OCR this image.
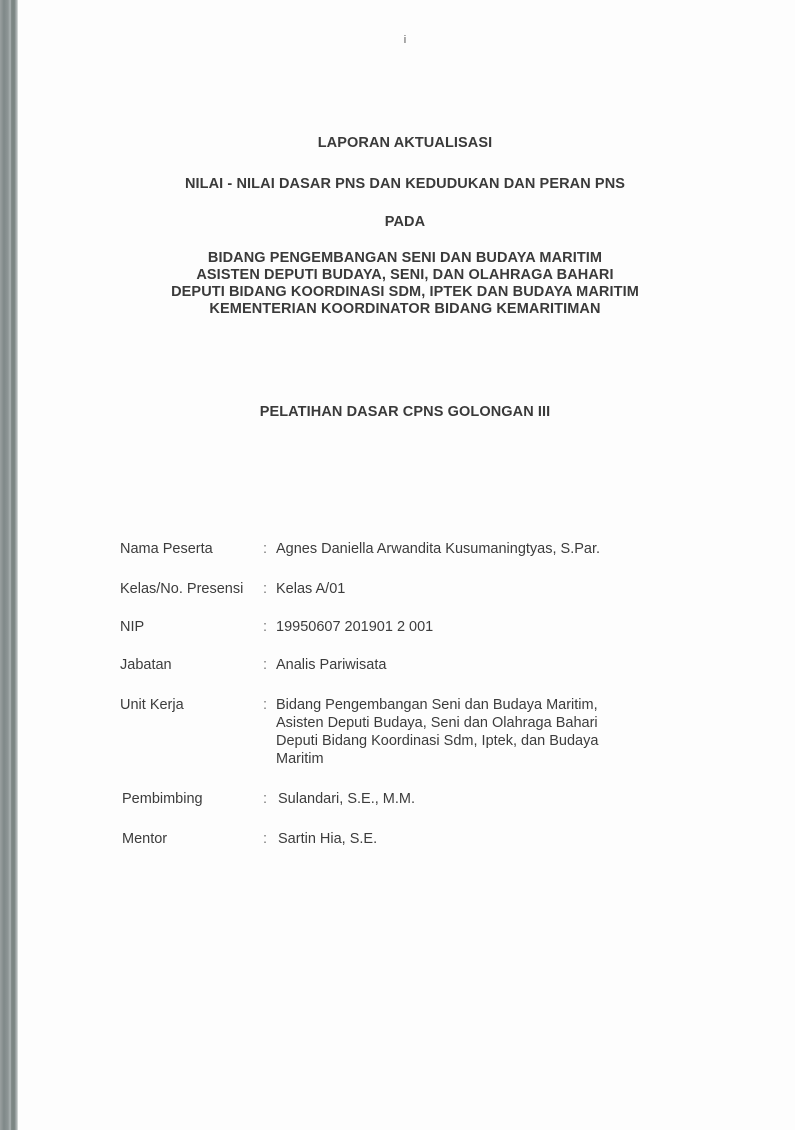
i
LAPORAN AKTUALISASI
NILAI - NILAI DASAR PNS DAN KEDUDUKAN DAN PERAN PNS
PADA
BIDANG PENGEMBANGAN SENI DAN BUDAYA MARITIM
ASISTEN DEPUTI BUDAYA, SENI, DAN OLAHRAGA BAHARI
DEPUTI BIDANG KOORDINASI SDM, IPTEK DAN BUDAYA MARITIM
KEMENTERIAN KOORDINATOR BIDANG KEMARITIMAN
PELATIHAN DASAR CPNS GOLONGAN III
Nama Peserta	: Agnes Daniella Arwandita Kusumaningtyas, S.Par.
Kelas/No. Presensi	: Kelas A/01
NIP	: 19950607 201901 2 001
Jabatan	: Analis Pariwisata
Unit Kerja	: Bidang Pengembangan Seni dan Budaya Maritim,
Asisten Deputi Budaya, Seni dan Olahraga Bahari
Deputi Bidang Koordinasi Sdm, Iptek, dan Budaya
Maritim
Pembimbing	: Sulandari, S.E., M.M.
Mentor	: Sartin Hia, S.E.
